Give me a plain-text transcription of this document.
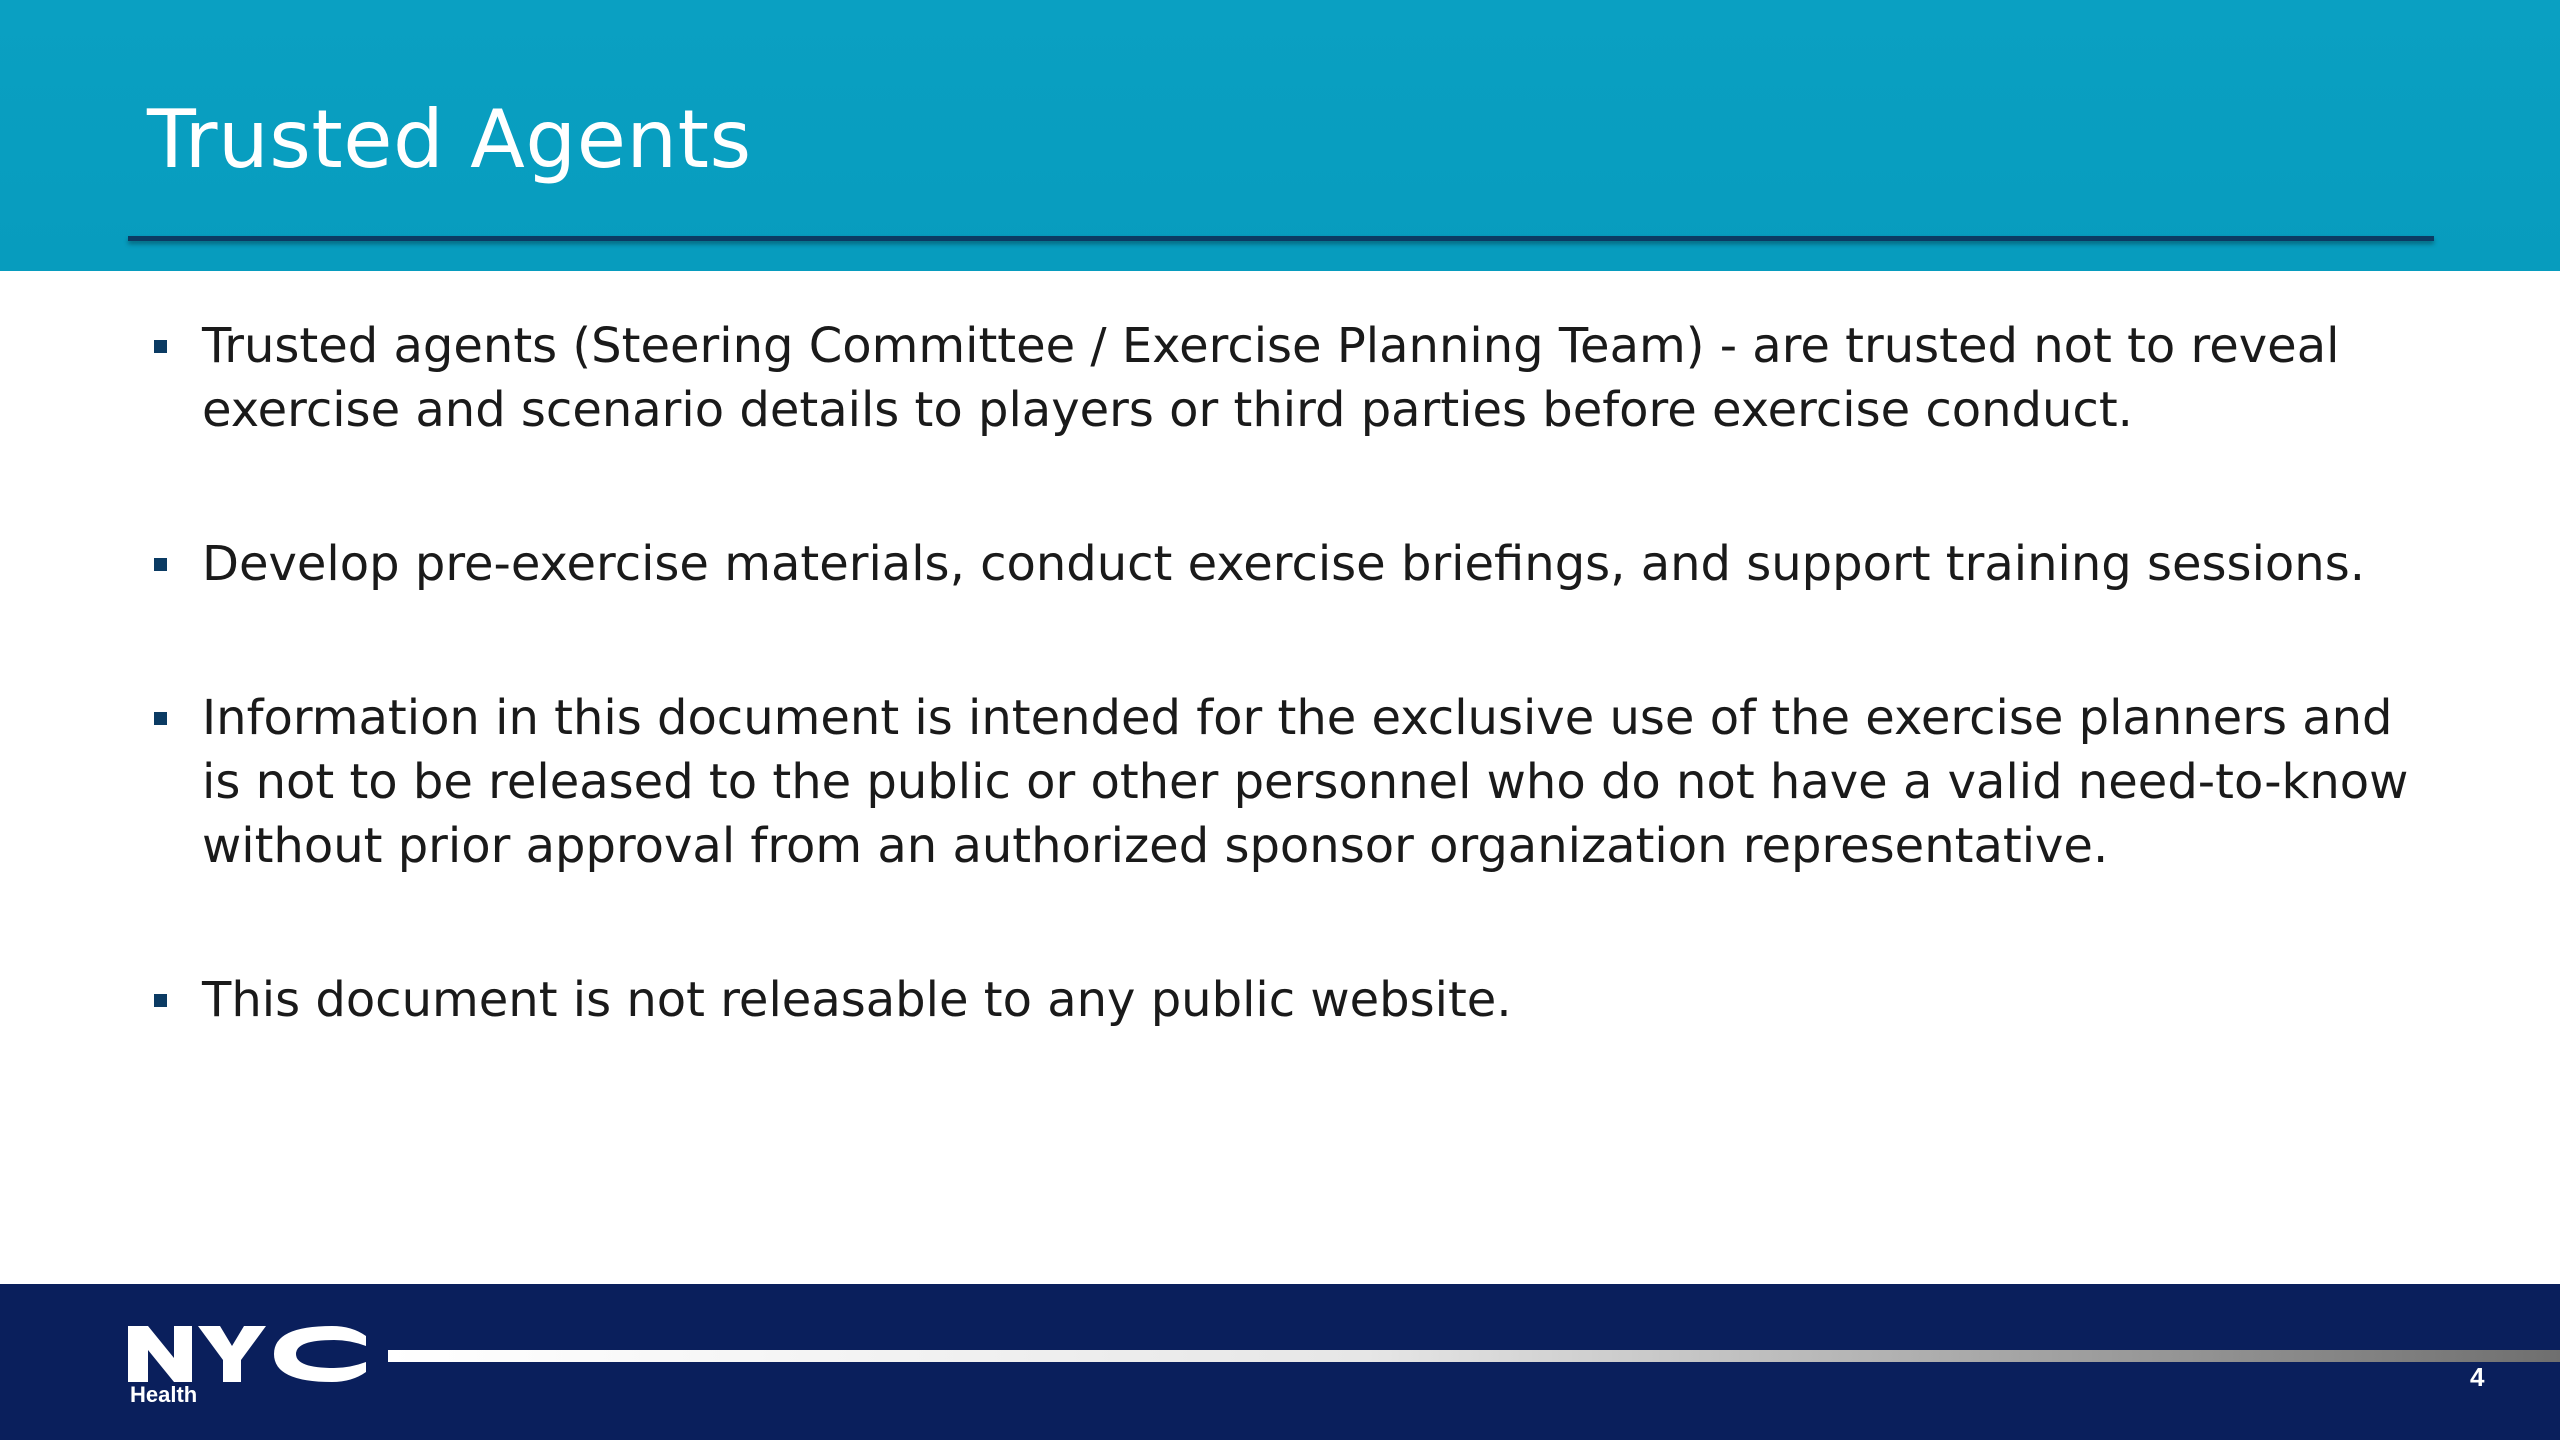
Trusted Agents
Trusted agents (Steering Committee / Exercise Planning Team) - are trusted not to reveal exercise and scenario details to players or third parties before exercise conduct.
Develop pre-exercise materials, conduct exercise briefings, and support training sessions.
Information in this document is intended for the exclusive use of the exercise planners and is not to be released to the public or other personnel who do not have a valid need-to-know without prior approval from an authorized sponsor organization representative.
This document is not releasable to any public website.
Health
4
